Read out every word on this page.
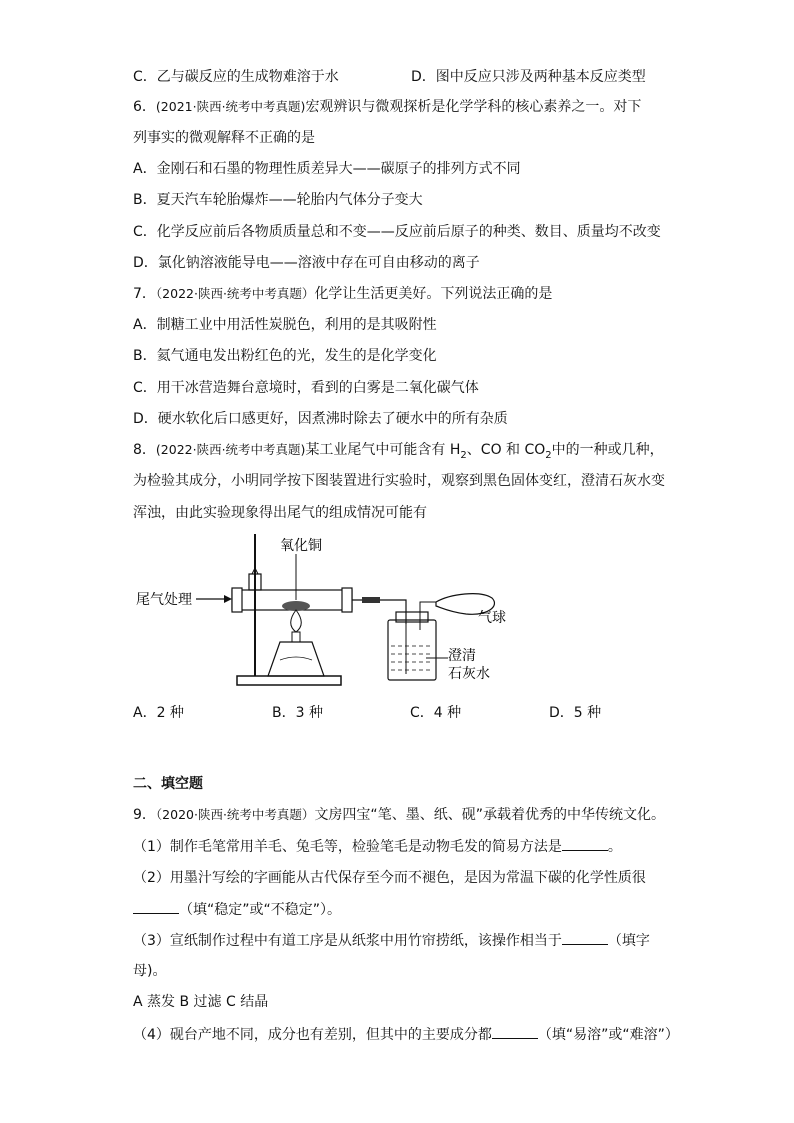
C．乙与碳反应的生成物难溶于水	D．图中反应只涉及两种基本反应类型
6．(2021·陕西·统考中考真题)宏观辨识与微观探析是化学学科的核心素养之一。对下
列事实的微观解释不正确的是
A．金刚石和石墨的物理性质差异大——碳原子的排列方式不同
B．夏天汽车轮胎爆炸——轮胎内气体分子变大
C．化学反应前后各物质质量总和不变——反应前后原子的种类、数目、质量均不改变
D．氯化钠溶液能导电——溶液中存在可自由移动的离子
7．（2022·陕西·统考中考真题）化学让生活更美好。下列说法正确的是
A．制糖工业中用活性炭脱色，利用的是其吸附性
B．氦气通电发出粉红色的光，发生的是化学变化
C．用干冰营造舞台意境时，看到的白雾是二氧化碳气体
D．硬水软化后口感更好，因煮沸时除去了硬水中的所有杂质
8．(2022·陕西·统考中考真题)某工业尾气中可能含有 $H_2$、CO 和 $CO_2$中的一种或几种，
为检验其成分，小明同学按下图装置进行实验时，观察到黑色固体变红，澄清石灰水变
浑浊，由此实验现象得出尾气的组成情况可能有
尾气处理
氧化铜
澄清
石灰水
气球
A．2 种	B．3 种	C．4 种	D．5 种
二、填空题
9．（2020·陕西·统考中考真题）文房四宝“笔、墨、纸、砚”承载着优秀的中华传统文化。
（1）制作毛笔常用羊毛、兔毛等，检验笔毛是动物毛发的简易方法是	。
（2）用墨汁写绘的字画能从古代保存至今而不褪色，是因为常温下碳的化学性质很
（填“稳定”或“不稳定”）。
（3）宣纸制作过程中有道工序是从纸浆中用竹帘捞纸，该操作相当于	（填字
母)。
A 蒸发 B 过滤 C 结晶
（4）砚台产地不同，成分也有差别，但其中的主要成分都	（填“易溶”或“难溶”）
